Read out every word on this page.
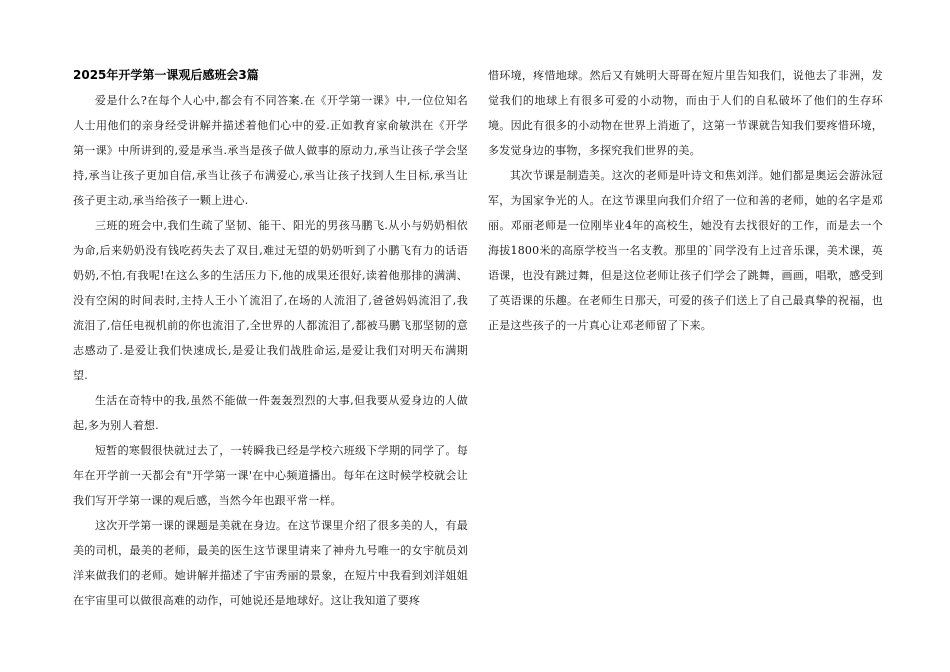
2025年开学第一课观后感班会3篇

爱是什么?在每个人心中,都会有不同答案.在《开学第一课》中,一位位知名人士用他们的亲身经受讲解并描述着他们心中的爱.正如教育家俞敏洪在《开学第一课》中所讲到的,爱是承当.承当是孩子做人做事的原动力,承当让孩子学会坚持,承当让孩子更加自信,承当让孩子布满爱心,承当让孩子找到人生目标,承当让孩子更主动,承当给孩子一颗上进心.

三班的班会中,我们生疏了坚韧、能干、阳光的男孩马鹏飞.从小与奶奶相依为命,后来奶奶没有钱吃药失去了双目,难过无望的奶奶听到了小鹏飞有力的话语奶奶,不怕,有我呢!在这么多的生活压力下,他的成果还很好,读着他那排的满满、没有空闲的时间表时,主持人王小丫流泪了,在场的人流泪了,爸爸妈妈流泪了,我流泪了,信任电视机前的你也流泪了,全世界的人都流泪了,都被马鹏飞那坚韧的意志感动了.是爱让我们快速成长,是爱让我们战胜命运,是爱让我们对明天布满期望.

生活在奇特中的我,虽然不能做一件轰轰烈烈的大事,但我要从爱身边的人做起,多为别人着想.

短暂的寒假很快就过去了，一转瞬我已经是学校六班级下学期的同学了。每年在开学前一天都会有"开学第一课'在中心频道播出。每年在这时候学校就会让我们写开学第一课的观后感，当然今年也跟平常一样。

这次开学第一课的课题是美就在身边。在这节课里介绍了很多美的人，有最美的司机，最美的老师，最美的医生这节课里请来了神舟九号唯一的女宇航员刘洋来做我们的老师。她讲解并描述了宇宙秀丽的景象，在短片中我看到刘洋姐姐在宇宙里可以做很高难的动作，可她说还是地球好。这让我知道了要疼

惜环境，疼惜地球。然后又有姚明大哥哥在短片里告知我们，说他去了非洲，发觉我们的地球上有很多可爱的小动物，而由于人们的自私破坏了他们的生存环境。因此有很多的小动物在世界上消逝了，这第一节课就告知我们要疼惜环境，多发觉身边的事物，多探究我们世界的美。

其次节课是制造美。这次的老师是叶诗文和焦刘洋。她们都是奥运会游泳冠军，为国家争光的人。在这节课里向我们介绍了一位和善的老师，她的名字是邓丽。邓丽老师是一位刚毕业4年的高校生，她没有去找很好的工作，而是去一个海拔1800米的高原学校当一名支教。那里的`同学没有上过音乐课，美术课，英语课，也没有跳过舞，但是这位老师让孩子们学会了跳舞，画画，唱歌，感受到了英语课的乐趣。在老师生日那天，可爱的孩子们送上了自己最真挚的祝福，也正是这些孩子的一片真心让邓老师留了下来。
